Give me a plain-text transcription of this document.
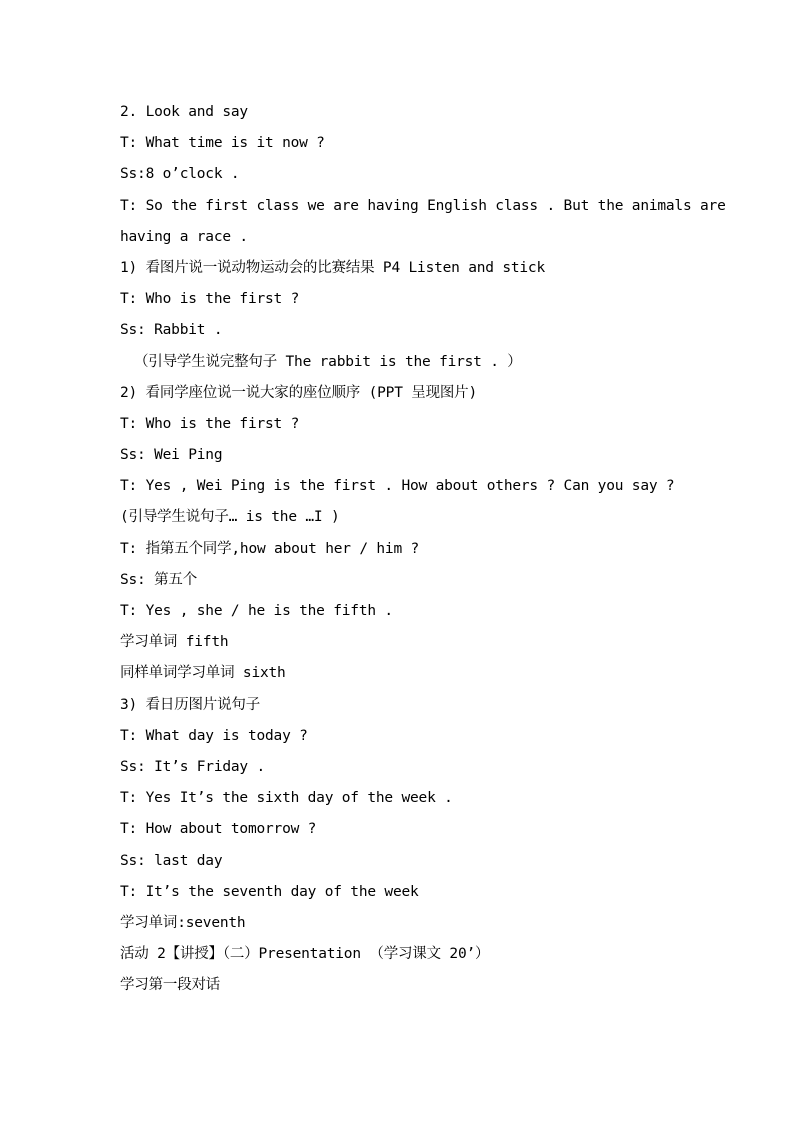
2. Look and say
T: What time is it now ?
Ss:8 o’clock .
T: So the first class we are having English class . But the animals are
having a race .
1) 看图片说一说动物运动会的比赛结果 P4 Listen and stick
T: Who is the first ?
Ss: Rabbit .
（引导学生说完整句子 The rabbit is the first . ）
2) 看同学座位说一说大家的座位顺序 (PPT 呈现图片)
T: Who is the first ?
Ss: Wei Ping
T: Yes , Wei Ping is the first . How about others ? Can you say ?
(引导学生说句子… is the …I )
T: 指第五个同学,how about her / him ?
Ss: 第五个
T: Yes , she / he is the fifth .
学习单词 fifth
同样单词学习单词 sixth
3) 看日历图片说句子
T: What day is today ?
Ss: It’s Friday .
T: Yes It’s the sixth day of the week .
T: How about tomorrow ?
Ss: last day
T: It’s the seventh day of the week
学习单词:seventh
活动 2【讲授】（二）Presentation （学习课文 20’）
学习第一段对话
